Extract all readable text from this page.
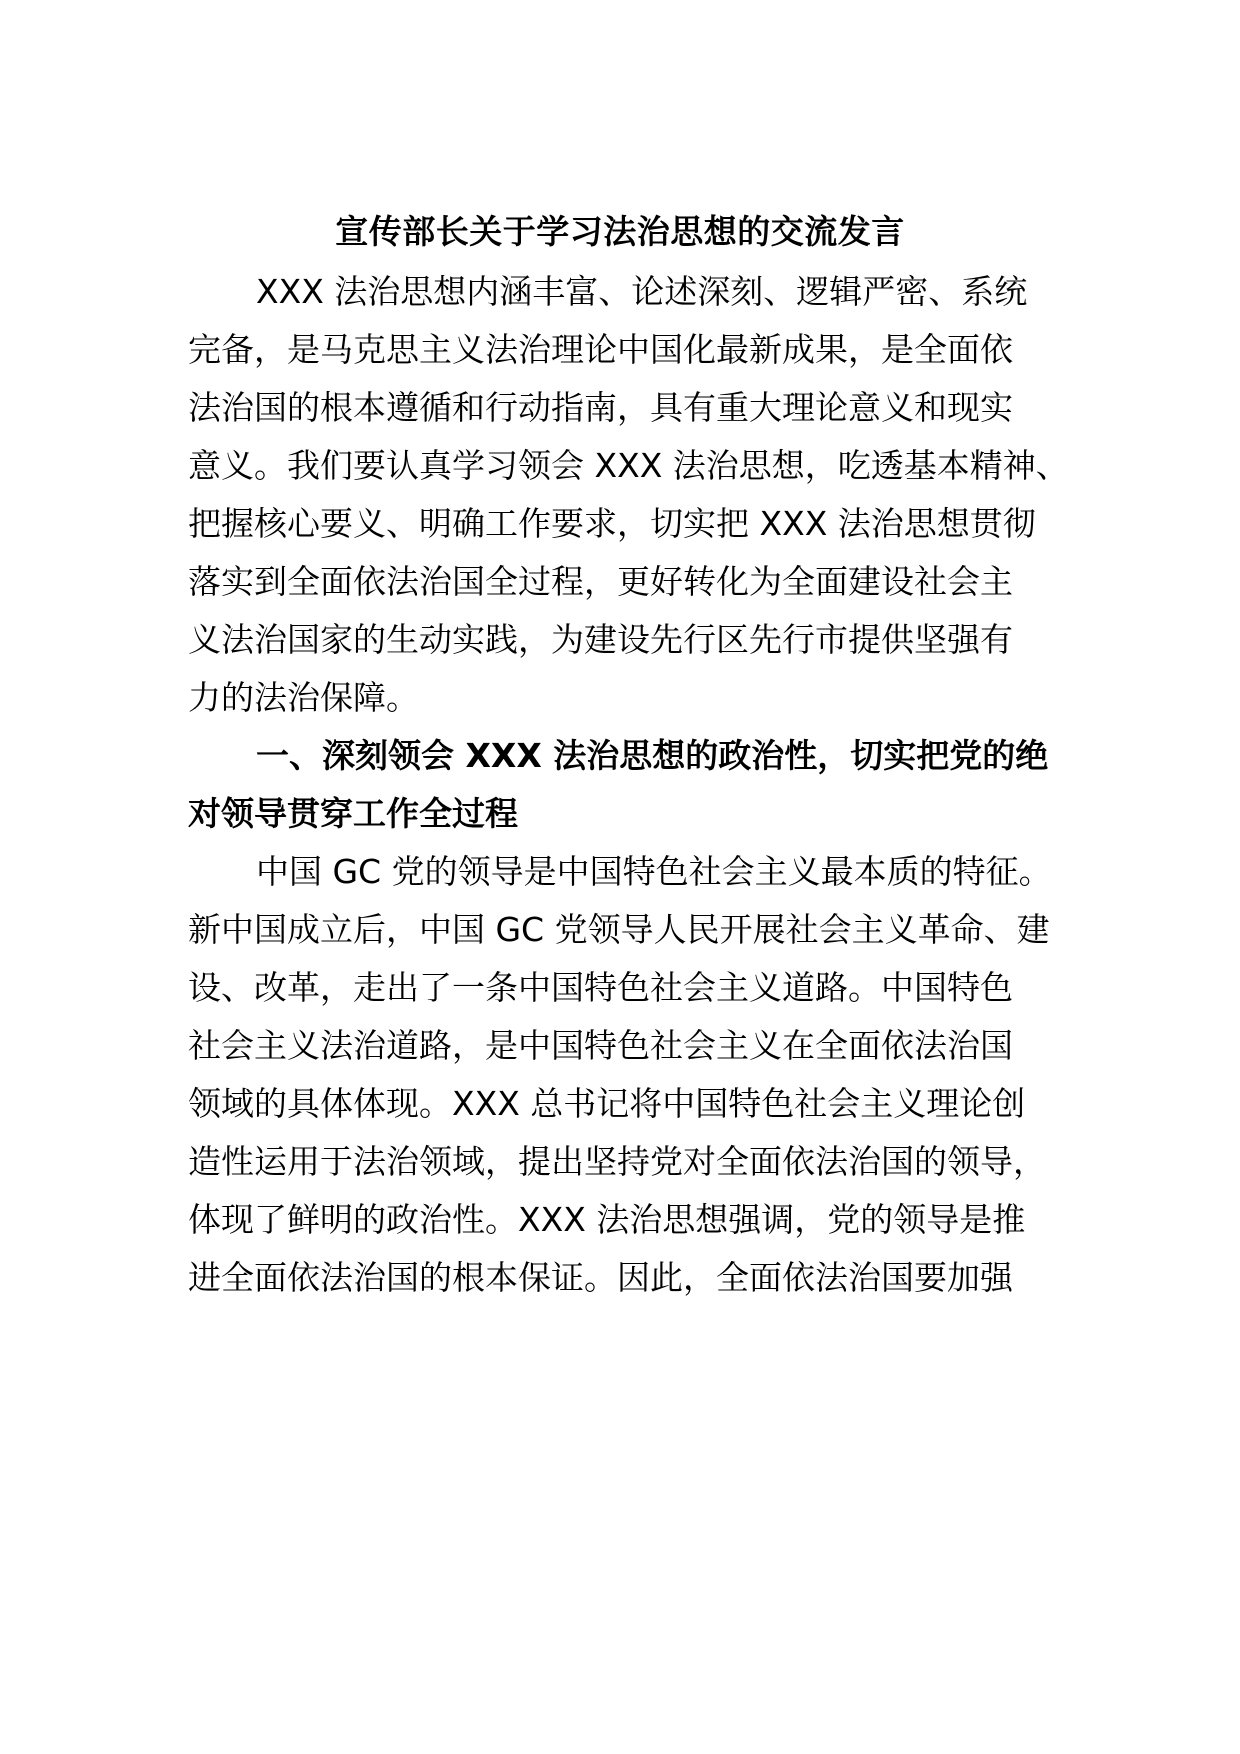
宣传部长关于学习法治思想的交流发言

XXX 法治思想内涵丰富、论述深刻、逻辑严密、系统

完备，是马克思主义法治理论中国化最新成果，是全面依

法治国的根本遵循和行动指南，具有重大理论意义和现实

意义。我们要认真学习领会 XXX 法治思想，吃透基本精神、

把握核心要义、明确工作要求，切实把 XXX 法治思想贯彻

落实到全面依法治国全过程，更好转化为全面建设社会主

义法治国家的生动实践，为建设先行区先行市提供坚强有

力的法治保障。

一、深刻领会 XXX 法治思想的政治性，切实把党的绝

对领导贯穿工作全过程

中国 GC 党的领导是中国特色社会主义最本质的特征。

新中国成立后，中国 GC 党领导人民开展社会主义革命、建

设、改革，走出了一条中国特色社会主义道路。中国特色

社会主义法治道路，是中国特色社会主义在全面依法治国

领域的具体体现。XXX 总书记将中国特色社会主义理论创

造性运用于法治领域，提出坚持党对全面依法治国的领导，

体现了鲜明的政治性。XXX 法治思想强调，党的领导是推

进全面依法治国的根本保证。因此，全面依法治国要加强
